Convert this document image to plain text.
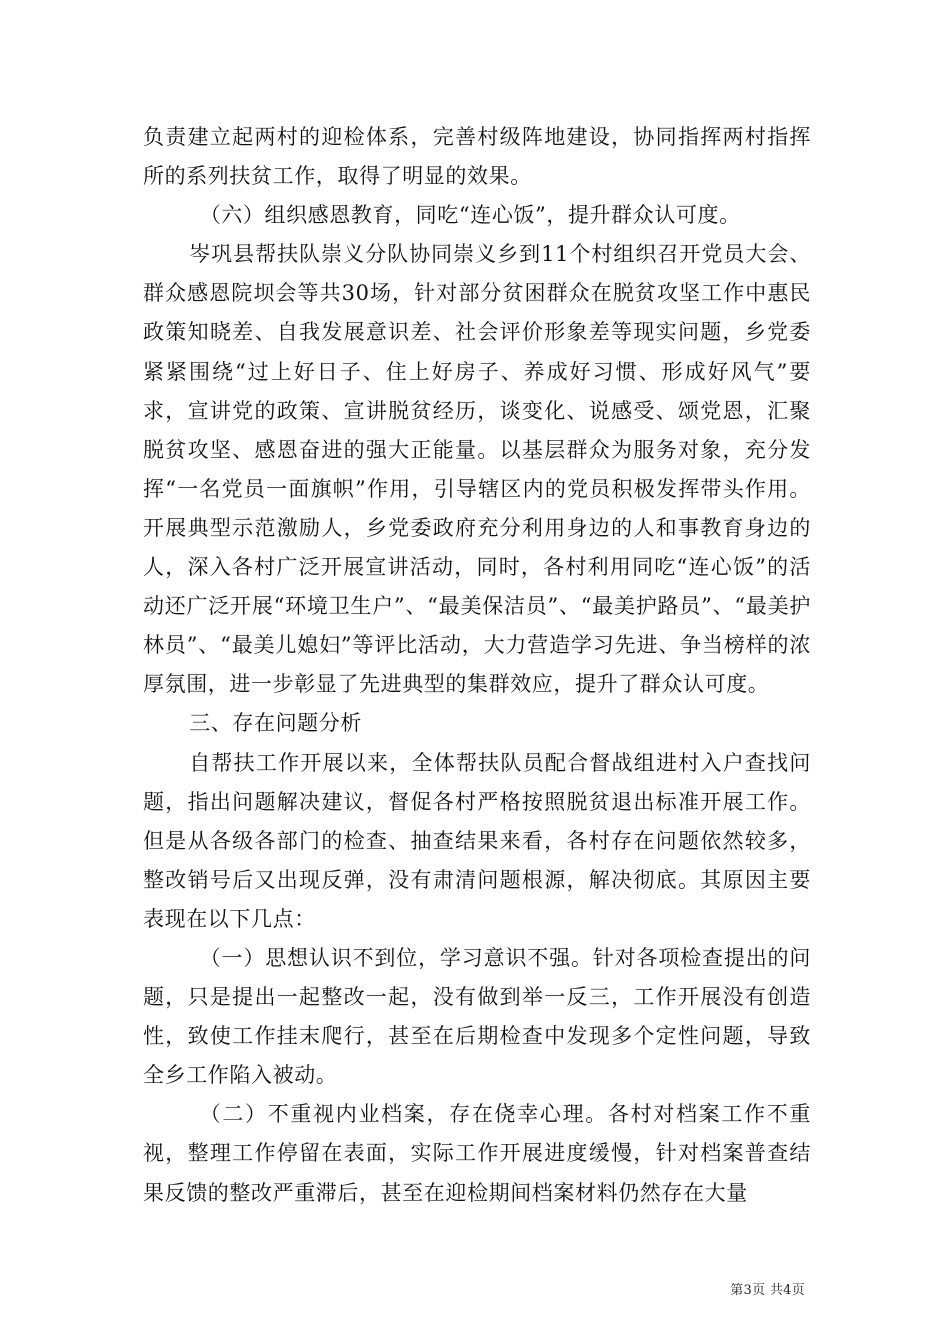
负责建立起两村的迎检体系，完善村级阵地建设，协同指挥两村指挥所的系列扶贫工作，取得了明显的效果。

（六）组织感恩教育，同吃“连心饭”，提升群众认可度。

岑巩县帮扶队崇义分队协同崇义乡到11个村组织召开党员大会、群众感恩院坝会等共30场，针对部分贫困群众在脱贫攻坚工作中惠民政策知晓差、自我发展意识差、社会评价形象差等现实问题，乡党委紧紧围绕“过上好日子、住上好房子、养成好习惯、形成好风气”要求，宣讲党的政策、宣讲脱贫经历，谈变化、说感受、颂党恩，汇聚脱贫攻坚、感恩奋进的强大正能量。以基层群众为服务对象，充分发挥“一名党员一面旗帜”作用，引导辖区内的党员积极发挥带头作用。开展典型示范激励人，乡党委政府充分利用身边的人和事教育身边的人，深入各村广泛开展宣讲活动，同时，各村利用同吃“连心饭”的活动还广泛开展“环境卫生户”、“最美保洁员”、“最美护路员”、“最美护林员”、“最美儿媳妇”等评比活动，大力营造学习先进、争当榜样的浓厚氛围，进一步彰显了先进典型的集群效应，提升了群众认可度。

三、存在问题分析

自帮扶工作开展以来，全体帮扶队员配合督战组进村入户查找问题，指出问题解决建议，督促各村严格按照脱贫退出标准开展工作。但是从各级各部门的检查、抽查结果来看，各村存在问题依然较多，整改销号后又出现反弹，没有肃清问题根源，解决彻底。其原因主要表现在以下几点：

（一）思想认识不到位，学习意识不强。针对各项检查提出的问题，只是提出一起整改一起，没有做到举一反三，工作开展没有创造性，致使工作挂末爬行，甚至在后期检查中发现多个定性问题，导致全乡工作陷入被动。

（二）不重视内业档案，存在侥幸心理。各村对档案工作不重视，整理工作停留在表面，实际工作开展进度缓慢，针对档案普查结果反馈的整改严重滞后，甚至在迎检期间档案材料仍然存在大量

第3页 共4页
